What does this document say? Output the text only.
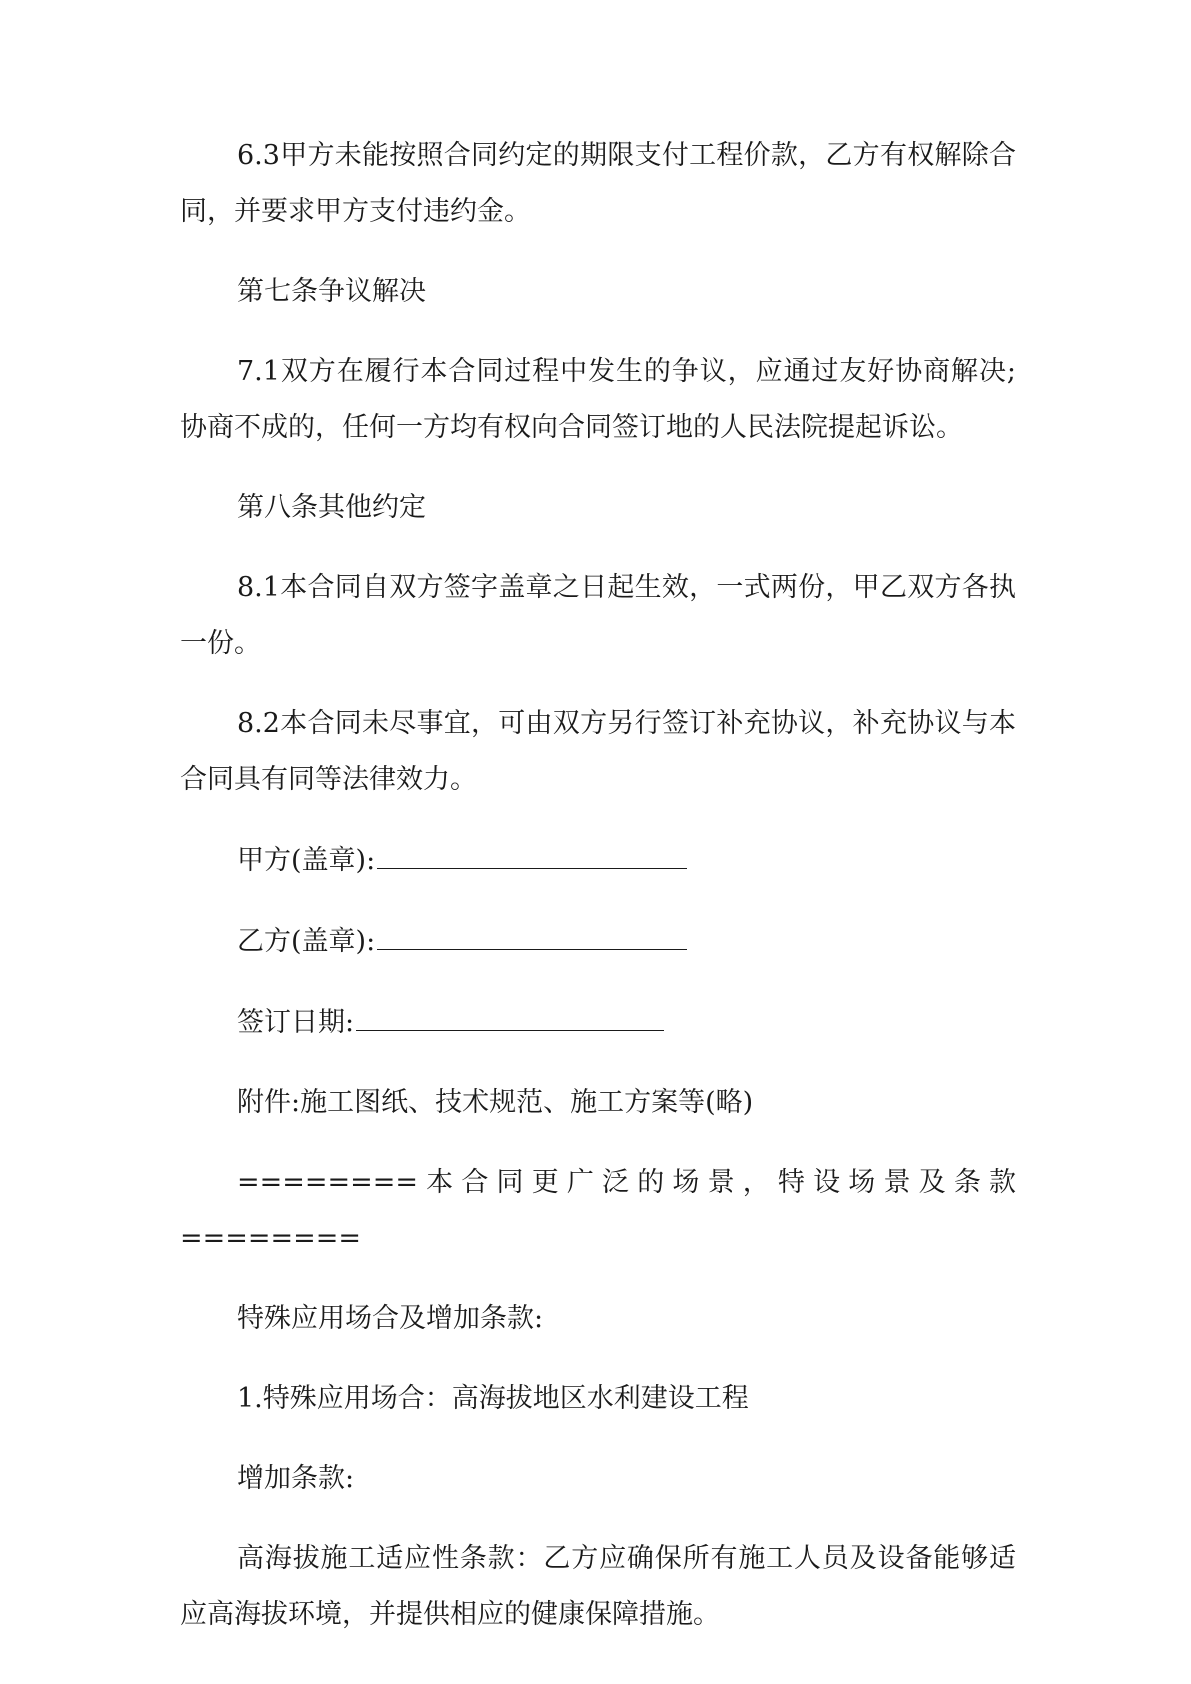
6.3甲方未能按照合同约定的期限支付工程价款，乙方有权解除合同，并要求甲方支付违约金。

第七条争议解决

7.1双方在履行本合同过程中发生的争议，应通过友好协商解决;协商不成的，任何一方均有权向合同签订地的人民法院提起诉讼。

第八条其他约定

8.1本合同自双方签字盖章之日起生效，一式两份，甲乙双方各执一份。

8.2本合同未尽事宜，可由双方另行签订补充协议，补充协议与本合同具有同等法律效力。

甲方(盖章):
乙方(盖章):
签订日期:

附件:施工图纸、技术规范、施工方案等(略)

========本合同更广泛的场景，特设场景及条款========

特殊应用场合及增加条款:

1.特殊应用场合：高海拔地区水利建设工程

增加条款:

高海拔施工适应性条款：乙方应确保所有施工人员及设备能够适应高海拔环境，并提供相应的健康保障措施。
